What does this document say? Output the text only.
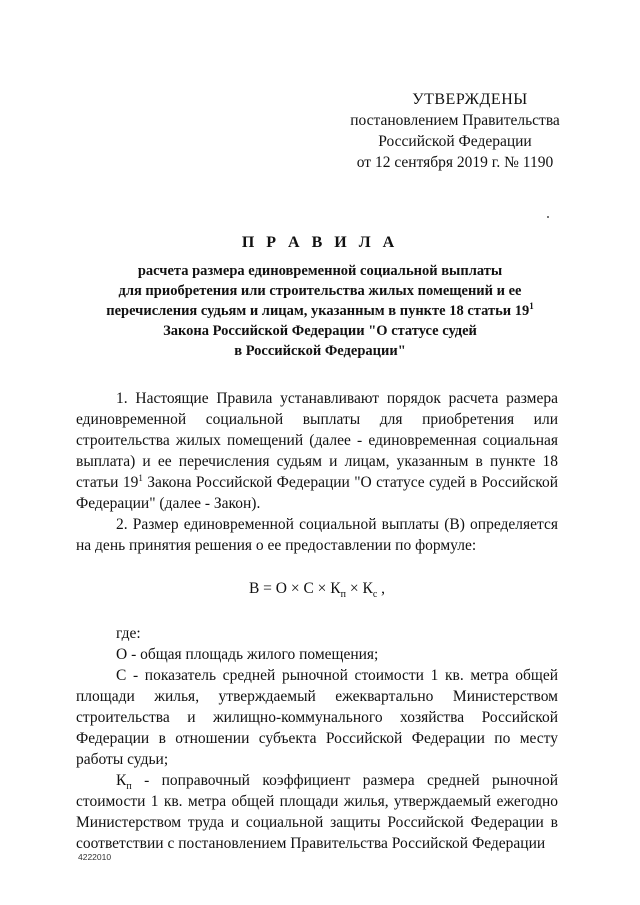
УТВЕРЖДЕНЫ
постановлением Правительства
Российской Федерации
от 12 сентября 2019 г. № 1190
П Р А В И Л А
расчета размера единовременной социальной выплаты
для приобретения или строительства жилых помещений и ее
перечисления судьям и лицам, указанным в пункте 18 статьи $19^1$
Закона Российской Федерации "О статусе судей
в Российской Федерации"

1. Настоящие Правила устанавливают порядок расчета размера единовременной социальной выплаты для приобретения или строительства жилых помещений (далее - единовременная социальная выплата) и ее перечисления судьям и лицам, указанным в пункте 18 статьи $19^1$ Закона Российской Федерации "О статусе судей в Российской Федерации" (далее - Закон).

2. Размер единовременной социальной выплаты (В) определяется на день принятия решения о ее предоставлении по формуле:

$В = О \times С \times К_п \times К_с$ ,

где:

О - общая площадь жилого помещения;

С - показатель средней рыночной стоимости 1 кв. метра общей площади жилья, утверждаемый ежеквартально Министерством строительства и жилищно-коммунального хозяйства Российской Федерации в отношении субъекта Российской Федерации по месту работы судьи;

$К_п$ - поправочный коэффициент размера средней рыночной стоимости 1 кв. метра общей площади жилья, утверждаемый ежегодно Министерством труда и социальной защиты Российской Федерации в соответствии с постановлением Правительства Российской Федерации

4222010
